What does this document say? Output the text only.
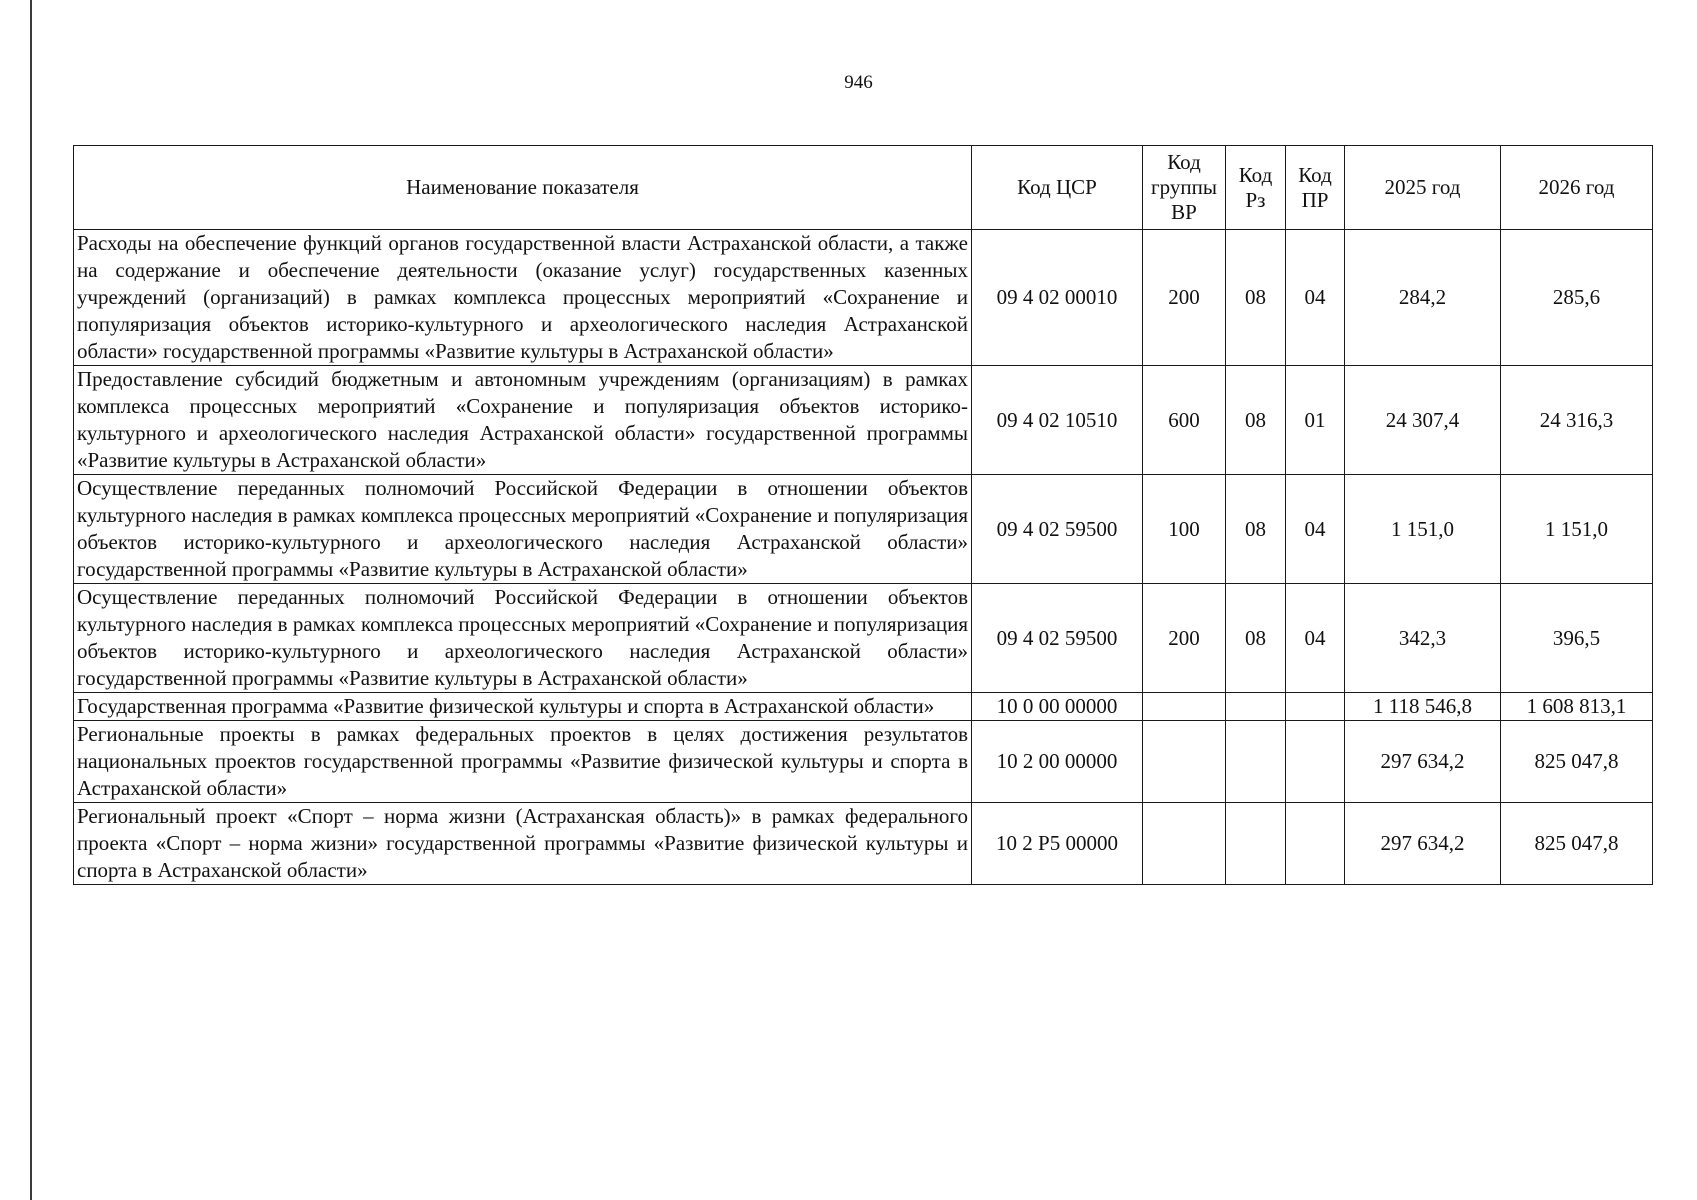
946
Наименование показателя	Код ЦСР	Код группы ВР	Код Рз	Код ПР	2025 год	2026 год
Расходы на обеспечение функций органов государственной власти Астраханской области, а также на содержание и обеспечение деятельности (оказание услуг) государственных казенных учреждений (организаций) в рамках комплекса процессных мероприятий «Сохранение и популяризация объектов историко-культурного и археологического наследия Астраханской области» государственной программы «Развитие культуры в Астраханской области»	09 4 02 00010	200	08	04	284,2	285,6
Предоставление субсидий бюджетным и автономным учреждениям (организациям) в рамках комплекса процессных мероприятий «Сохранение и популяризация объектов историко-культурного и археологического наследия Астраханской области» государственной программы «Развитие культуры в Астраханской области»	09 4 02 10510	600	08	01	24 307,4	24 316,3
Осуществление переданных полномочий Российской Федерации в отношении объектов культурного наследия в рамках комплекса процессных мероприятий «Сохранение и популяризация объектов историко-культурного и археологического наследия Астраханской области» государственной программы «Развитие культуры в Астраханской области»	09 4 02 59500	100	08	04	1 151,0	1 151,0
Осуществление переданных полномочий Российской Федерации в отношении объектов культурного наследия в рамках комплекса процессных мероприятий «Сохранение и популяризация объектов историко-культурного и археологического наследия Астраханской области» государственной программы «Развитие культуры в Астраханской области»	09 4 02 59500	200	08	04	342,3	396,5
Государственная программа «Развитие физической культуры и спорта в Астраханской области»	10 0 00 00000				1 118 546,8	1 608 813,1
Региональные проекты в рамках федеральных проектов в целях достижения результатов национальных проектов государственной программы «Развитие физической культуры и спорта в Астраханской области»	10 2 00 00000				297 634,2	825 047,8
Региональный проект «Спорт – норма жизни (Астраханская область)» в рамках федерального проекта «Спорт – норма жизни» государственной программы «Развитие физической культуры и спорта в Астраханской области»	10 2 P5 00000				297 634,2	825 047,8
